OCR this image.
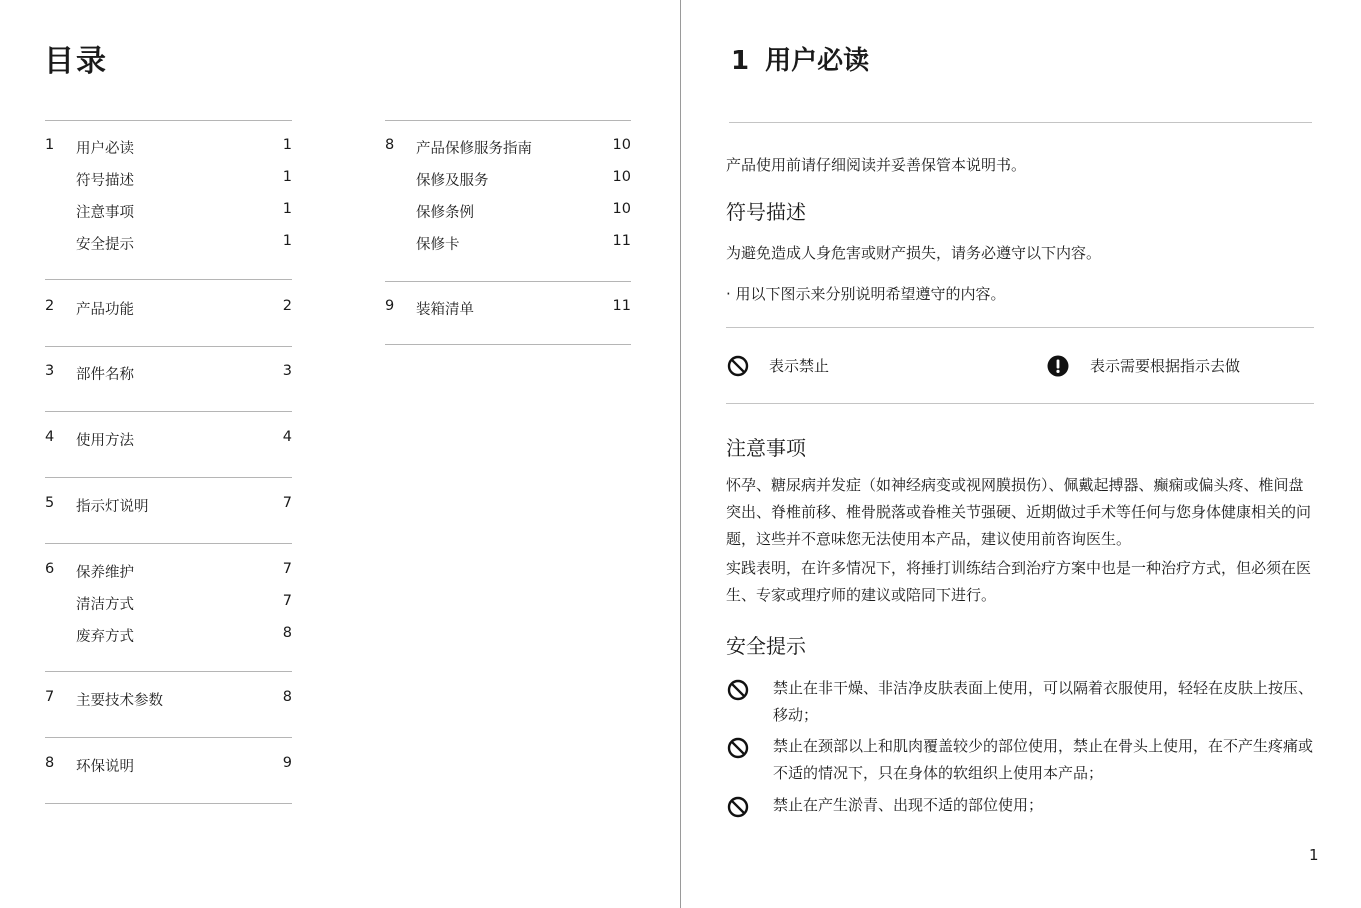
目录
1	用户必读	1
符号描述	1
注意事项	1
安全提示	1
2	产品功能	2
3	部件名称	3
4	使用方法	4
5	指示灯说明	7
6	保养维护	7
清洁方式	7
废弃方式	8
7	主要技术参数	8
8	环保说明	9
8	产品保修服务指南	10
保修及服务	10
保修条例	10
保修卡	11
9	装箱清单	11
1 用户必读
产品使用前请仔细阅读并妥善保管本说明书。
符号描述
为避免造成人身危害或财产损失，请务必遵守以下内容。
· 用以下图示来分别说明希望遵守的内容。
表示禁止	表示需要根据指示去做
注意事项
怀孕、糖尿病并发症（如神经病变或视网膜损伤）、佩戴起搏器、癫痫或偏头疼、椎间盘突出、脊椎前移、椎骨脱落或眷椎关节强硬、近期做过手术等任何与您身体健康相关的问题，这些并不意味您无法使用本产品，建议使用前咨询医生。
实践表明，在许多情况下，将捶打训练结合到治疗方案中也是一种治疗方式，但必须在医生、专家或理疗师的建议或陪同下进行。
安全提示
禁止在非干燥、非洁净皮肤表面上使用，可以隔着衣服使用，轻轻在皮肤上按压、移动；
禁止在颈部以上和肌肉覆盖较少的部位使用，禁止在骨头上使用，在不产生疼痛或不适的情况下，只在身体的软组织上使用本产品；
禁止在产生淤青、出现不适的部位使用；
1
